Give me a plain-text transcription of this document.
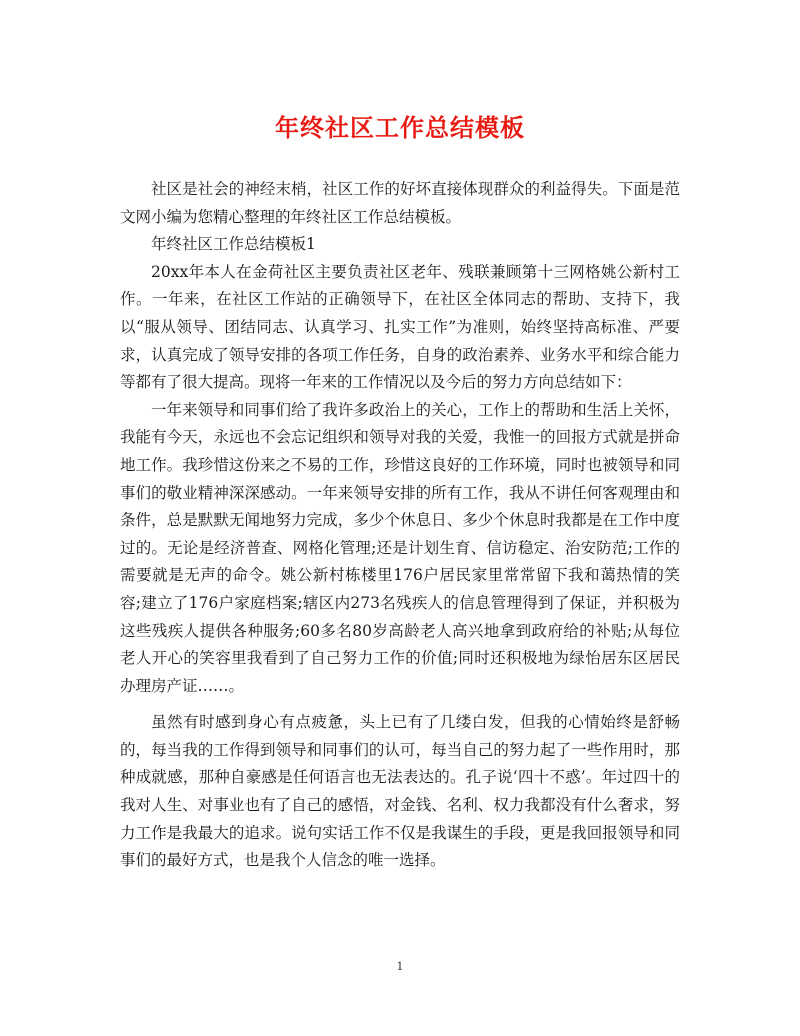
年终社区工作总结模板

社区是社会的神经末梢，社区工作的好坏直接体现群众的利益得失。下面是范文网小编为您精心整理的年终社区工作总结模板。

年终社区工作总结模板1

20xx年本人在金荷社区主要负责社区老年、残联兼顾第十三网格姚公新村工作。一年来，在社区工作站的正确领导下，在社区全体同志的帮助、支持下，我以“服从领导、团结同志、认真学习、扎实工作”为准则，始终坚持高标准、严要求，认真完成了领导安排的各项工作任务，自身的政治素养、业务水平和综合能力等都有了很大提高。现将一年来的工作情况以及今后的努力方向总结如下：

一年来领导和同事们给了我许多政治上的关心，工作上的帮助和生活上关怀，我能有今天，永远也不会忘记组织和领导对我的关爱，我惟一的回报方式就是拼命地工作。我珍惜这份来之不易的工作，珍惜这良好的工作环境，同时也被领导和同事们的敬业精神深深感动。一年来领导安排的所有工作，我从不讲任何客观理由和条件，总是默默无闻地努力完成，多少个休息日、多少个休息时我都是在工作中度过的。无论是经济普查、网格化管理;还是计划生育、信访稳定、治安防范;工作的需要就是无声的命令。姚公新村栋楼里176户居民家里常常留下我和蔼热情的笑容;建立了176户家庭档案;辖区内273名残疾人的信息管理得到了保证，并积极为这些残疾人提供各种服务;60多名80岁高龄老人高兴地拿到政府给的补贴;从每位老人开心的笑容里我看到了自己努力工作的价值;同时还积极地为绿怡居东区居民办理房产证……。

虽然有时感到身心有点疲惫，头上已有了几缕白发，但我的心情始终是舒畅的，每当我的工作得到领导和同事们的认可，每当自己的努力起了一些作用时，那种成就感，那种自豪感是任何语言也无法表达的。孔子说‘四十不惑’。年过四十的我对人生、对事业也有了自己的感悟，对金钱、名利、权力我都没有什么奢求，努力工作是我最大的追求。说句实话工作不仅是我谋生的手段，更是我回报领导和同事们的最好方式，也是我个人信念的唯一选择。

1
